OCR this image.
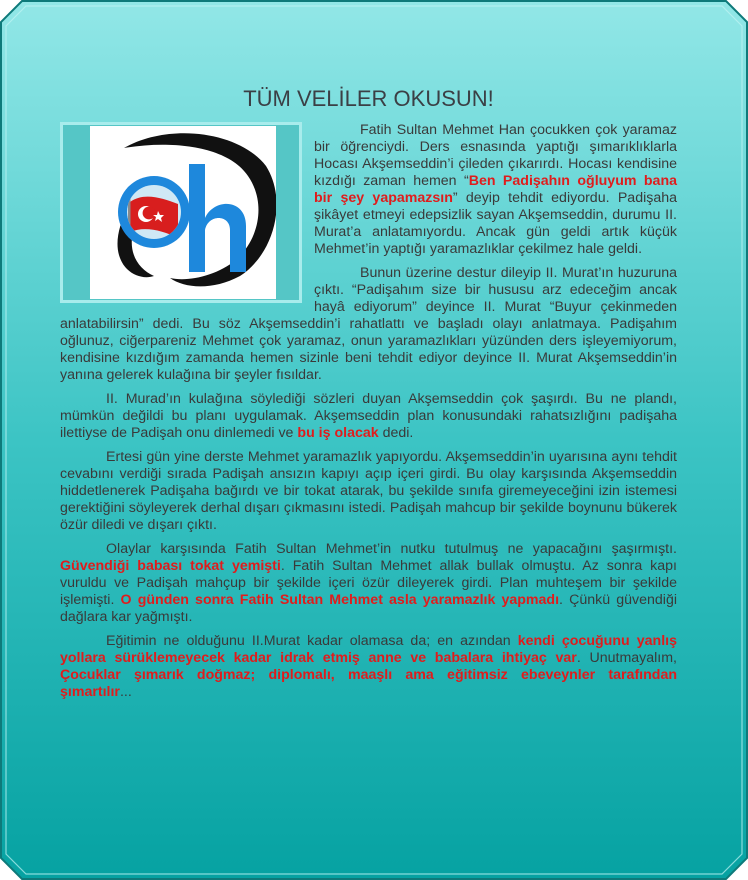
TÜM VELİLER OKUSUN!

Fatih Sultan Mehmet Han çocukken çok yaramaz bir öğrenciydi. Ders esnasında yaptığı şımarıklıklarla Hocası Akşemseddin’i çileden çıkarırdı. Hocası kendisine kızdığı zaman hemen “Ben Padişahın oğluyum bana bir şey yapamazsın” deyip tehdit ediyordu. Padişaha şikâyet etmeyi edepsizlik sayan Akşemseddin, durumu II. Murat’a anlatamıyordu. Ancak gün geldi artık küçük Mehmet’in yaptığı yaramazlıklar çekilmez hale geldi.

Bunun üzerine destur dileyip II. Murat’ın huzuruna çıktı. “Padişahım size bir hususu arz edeceğim ancak hayâ ediyorum” deyince II. Murat “Buyur çekinmeden anlatabilirsin” dedi. Bu söz Akşemseddin’i rahatlattı ve başladı olayı anlatmaya. Padişahım oğlunuz, ciğerpareniz Mehmet çok yaramaz, onun yaramazlıkları yüzünden ders işleyemiyorum, kendisine kızdığım zamanda hemen sizinle beni tehdit ediyor deyince II. Murat Akşemseddin’in yanına gelerek kulağına bir şeyler fısıldar.

II. Murad’ın kulağına söylediği sözleri duyan Akşemseddin çok şaşırdı. Bu ne plandı, mümkün değildi bu planı uygulamak. Akşemseddin plan konusundaki rahatsızlığını padişaha ilettiyse de Padişah onu dinlemedi ve bu iş olacak dedi.

Ertesi gün yine derste Mehmet yaramazlık yapıyordu. Akşemseddin’in uyarısına aynı tehdit cevabını verdiği sırada Padişah ansızın kapıyı açıp içeri girdi. Bu olay karşısında Akşemseddin hiddetlenerek Padişaha bağırdı ve bir tokat atarak, bu şekilde sınıfa giremeyeceğini izin istemesi gerektiğini söyleyerek derhal dışarı çıkmasını istedi. Padişah mahcup bir şekilde boynunu bükerek özür diledi ve dışarı çıktı.

Olaylar karşısında Fatih Sultan Mehmet’in nutku tutulmuş ne yapacağını şaşırmıştı. Güvendiği babası tokat yemişti. Fatih Sultan Mehmet allak bullak olmuştu. Az sonra kapı vuruldu ve Padişah mahçup bir şekilde içeri özür dileyerek girdi. Plan muhteşem bir şekilde işlemişti. O günden sonra Fatih Sultan Mehmet asla yaramazlık yapmadı. Çünkü güvendiği dağlara kar yağmıştı.

Eğitimin ne olduğunu II.Murat kadar olamasa da; en azından kendi çocuğunu yanlış yollara sürüklemeyecek kadar idrak etmiş anne ve babalara ihtiyaç var. Unutmayalım, Çocuklar şımarık doğmaz; diplomalı, maaşlı ama eğitimsiz ebeveynler tarafından şımartılır...
